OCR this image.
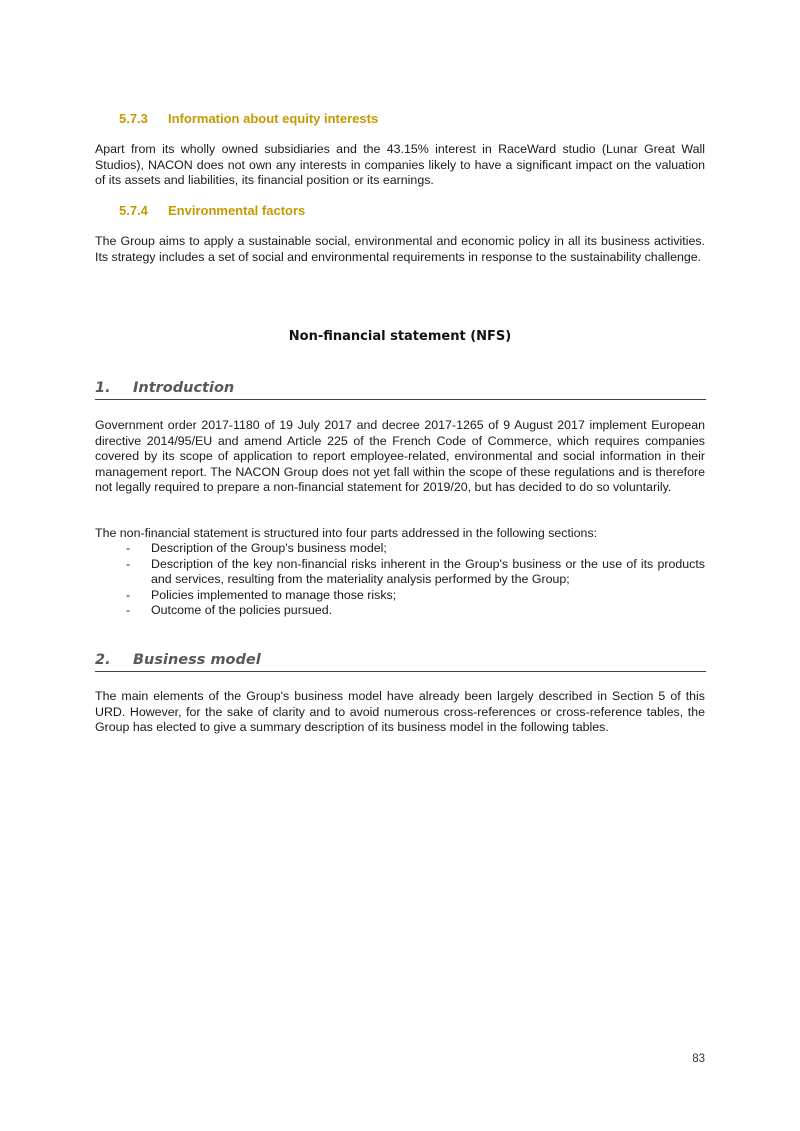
5.7.3 Information about equity interests

Apart from its wholly owned subsidiaries and the 43.15% interest in RaceWard studio (Lunar Great Wall Studios), NACON does not own any interests in companies likely to have a significant impact on the valuation of its assets and liabilities, its financial position or its earnings.

5.7.4 Environmental factors

The Group aims to apply a sustainable social, environmental and economic policy in all its business activities. Its strategy includes a set of social and environmental requirements in response to the sustainability challenge.

Non-financial statement (NFS)
1. Introduction

Government order 2017-1180 of 19 July 2017 and decree 2017-1265 of 9 August 2017 implement European directive 2014/95/EU and amend Article 225 of the French Code of Commerce, which requires companies covered by its scope of application to report employee-related, environmental and social information in their management report. The NACON Group does not yet fall within the scope of these regulations and is therefore not legally required to prepare a non-financial statement for 2019/20, but has decided to do so voluntarily.

The non-financial statement is structured into four parts addressed in the following sections:

- Description of the Group's business model;
- Description of the key non-financial risks inherent in the Group's business or the use of its products and services, resulting from the materiality analysis performed by the Group;
- Policies implemented to manage those risks;
- Outcome of the policies pursued.
2. Business model

The main elements of the Group's business model have already been largely described in Section 5 of this URD. However, for the sake of clarity and to avoid numerous cross-references or cross-reference tables, the Group has elected to give a summary description of its business model in the following tables.

83
